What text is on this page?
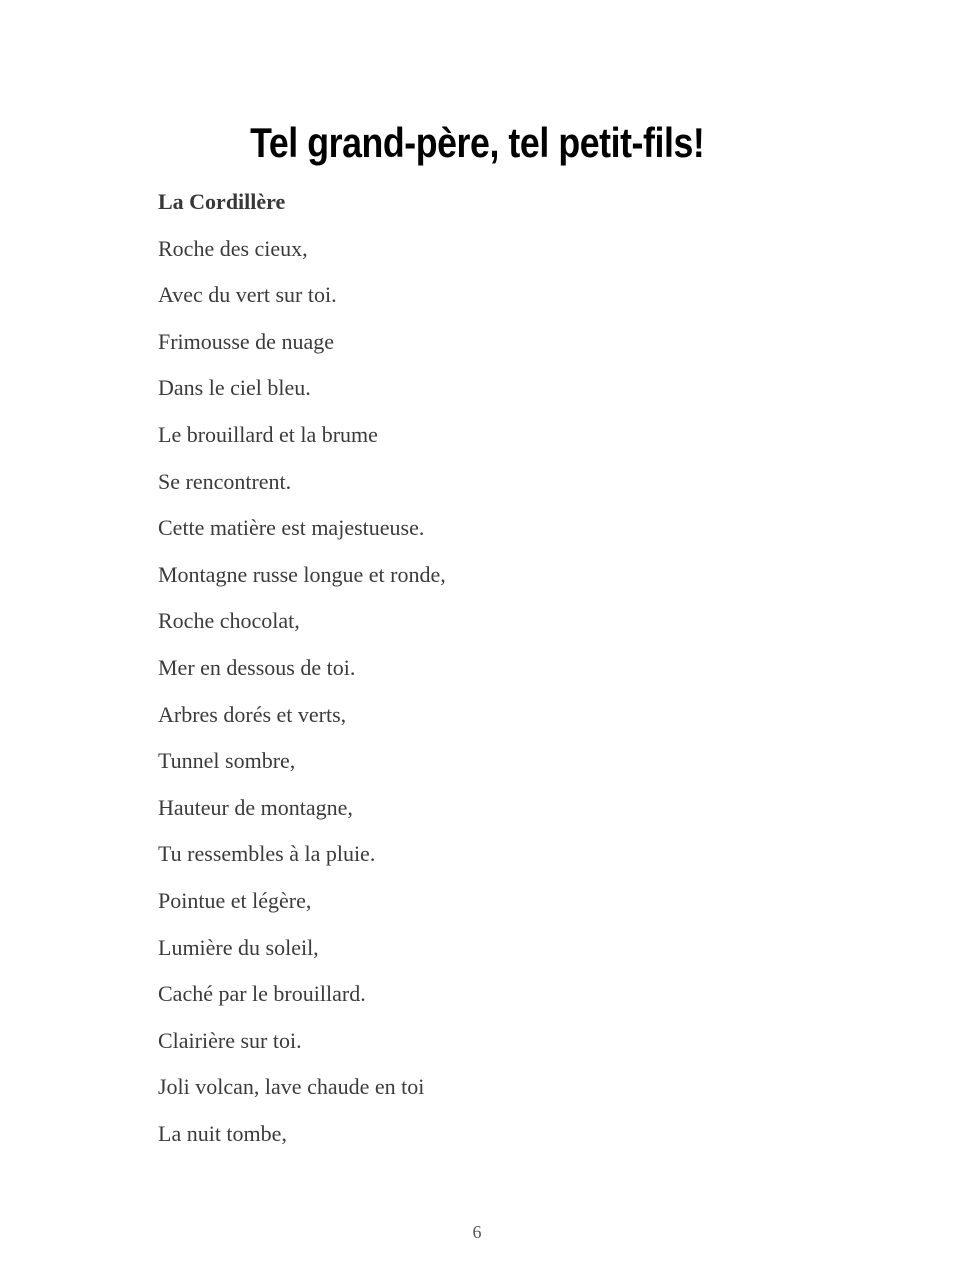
Tel grand-père, tel petit-fils!

La Cordillère

Roche des cieux,

Avec du vert sur toi.

Frimousse de nuage

Dans le ciel bleu.

Le brouillard et la brume

Se rencontrent.

Cette matière est majestueuse.

Montagne russe longue et ronde,

Roche chocolat,

Mer en dessous de toi.

Arbres dorés et verts,

Tunnel sombre,

Hauteur de montagne,

Tu ressembles à la pluie.

Pointue et légère,

Lumière du soleil,

Caché par le brouillard.

Clairière sur toi.

Joli volcan, lave chaude en toi

La nuit tombe,

6
